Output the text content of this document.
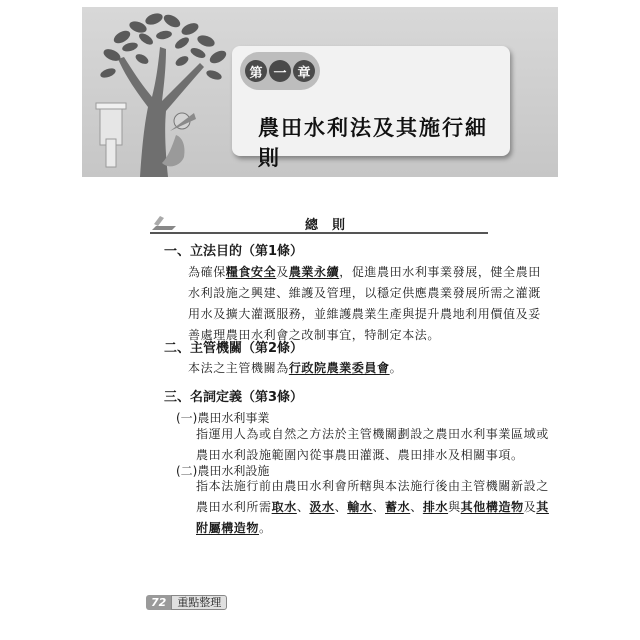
第 一 章
農田水利法及其施行細則
總則
一、立法目的（第1條）
為確保糧食安全及農業永續，促進農田水利事業發展，健全農田
水利設施之興建、維護及管理，以穩定供應農業發展所需之灌溉
用水及擴大灌溉服務，並維護農業生產與提升農地利用價值及妥
善處理農田水利會之改制事宜，特制定本法。
二、主管機關（第2條）
本法之主管機關為行政院農業委員會。
三、名詞定義（第3條）
(一)農田水利事業
指運用人為或自然之方法於主管機關劃設之農田水利事業區域或
農田水利設施範圍內從事農田灌溉、農田排水及相關事項。
(二)農田水利設施
指本法施行前由農田水利會所轄與本法施行後由主管機關新設之
農田水利所需取水、汲水、輸水、蓄水、排水與其他構造物及其
附屬構造物。
72	重點整理
